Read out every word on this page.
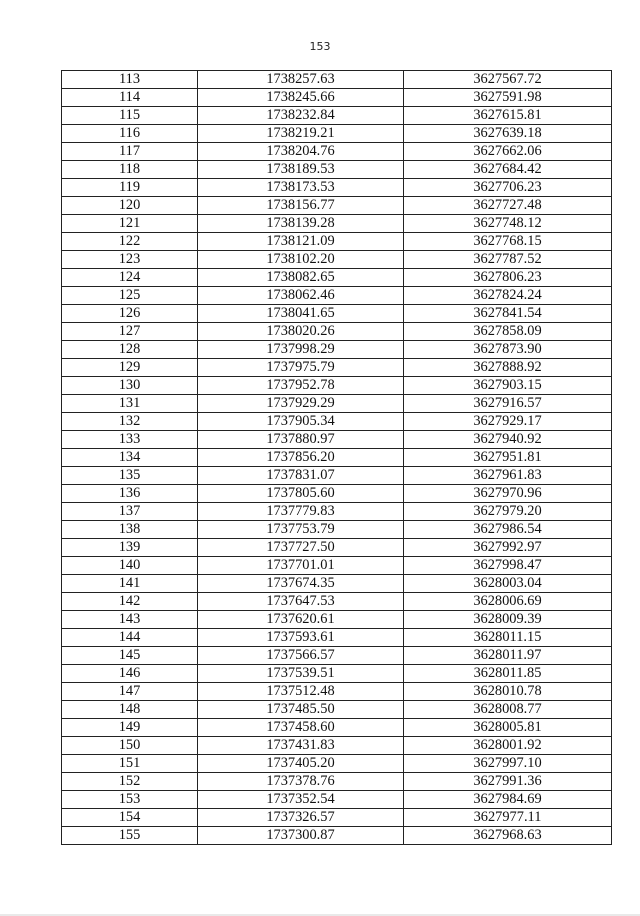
153
113	1738257.63	3627567.72
114	1738245.66	3627591.98
115	1738232.84	3627615.81
116	1738219.21	3627639.18
117	1738204.76	3627662.06
118	1738189.53	3627684.42
119	1738173.53	3627706.23
120	1738156.77	3627727.48
121	1738139.28	3627748.12
122	1738121.09	3627768.15
123	1738102.20	3627787.52
124	1738082.65	3627806.23
125	1738062.46	3627824.24
126	1738041.65	3627841.54
127	1738020.26	3627858.09
128	1737998.29	3627873.90
129	1737975.79	3627888.92
130	1737952.78	3627903.15
131	1737929.29	3627916.57
132	1737905.34	3627929.17
133	1737880.97	3627940.92
134	1737856.20	3627951.81
135	1737831.07	3627961.83
136	1737805.60	3627970.96
137	1737779.83	3627979.20
138	1737753.79	3627986.54
139	1737727.50	3627992.97
140	1737701.01	3627998.47
141	1737674.35	3628003.04
142	1737647.53	3628006.69
143	1737620.61	3628009.39
144	1737593.61	3628011.15
145	1737566.57	3628011.97
146	1737539.51	3628011.85
147	1737512.48	3628010.78
148	1737485.50	3628008.77
149	1737458.60	3628005.81
150	1737431.83	3628001.92
151	1737405.20	3627997.10
152	1737378.76	3627991.36
153	1737352.54	3627984.69
154	1737326.57	3627977.11
155	1737300.87	3627968.63
